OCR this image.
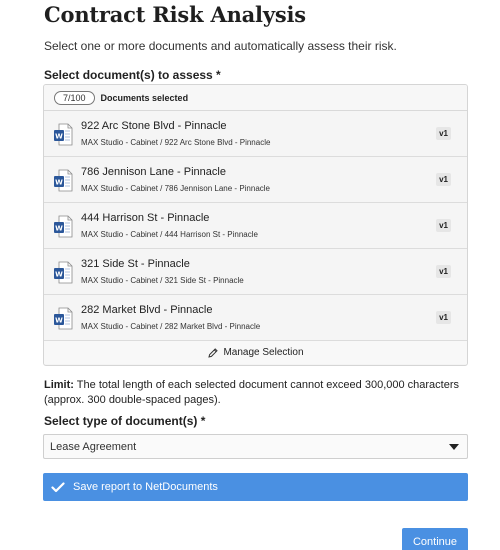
Contract Risk Analysis

Select one or more documents and automatically assess their risk.

Select document(s) to assess *
7/100	Documents selected
W
922 Arc Stone Blvd - Pinnacle
MAX Studio - Cabinet / 922 Arc Stone Blvd - Pinnacle
v1
W
786 Jennison Lane - Pinnacle
MAX Studio - Cabinet / 786 Jennison Lane - Pinnacle
v1
W
444 Harrison St - Pinnacle
MAX Studio - Cabinet / 444 Harrison St - Pinnacle
v1
W
321 Side St - Pinnacle
MAX Studio - Cabinet / 321 Side St - Pinnacle
v1
W
282 Market Blvd - Pinnacle
MAX Studio - Cabinet / 282 Market Blvd - Pinnacle
v1
Manage Selection

Limit: The total length of each selected document cannot exceed 300,000 characters (approx. 300 double-spaced pages).

Select type of document(s) *
Lease Agreement
Save report to NetDocuments
Continue
